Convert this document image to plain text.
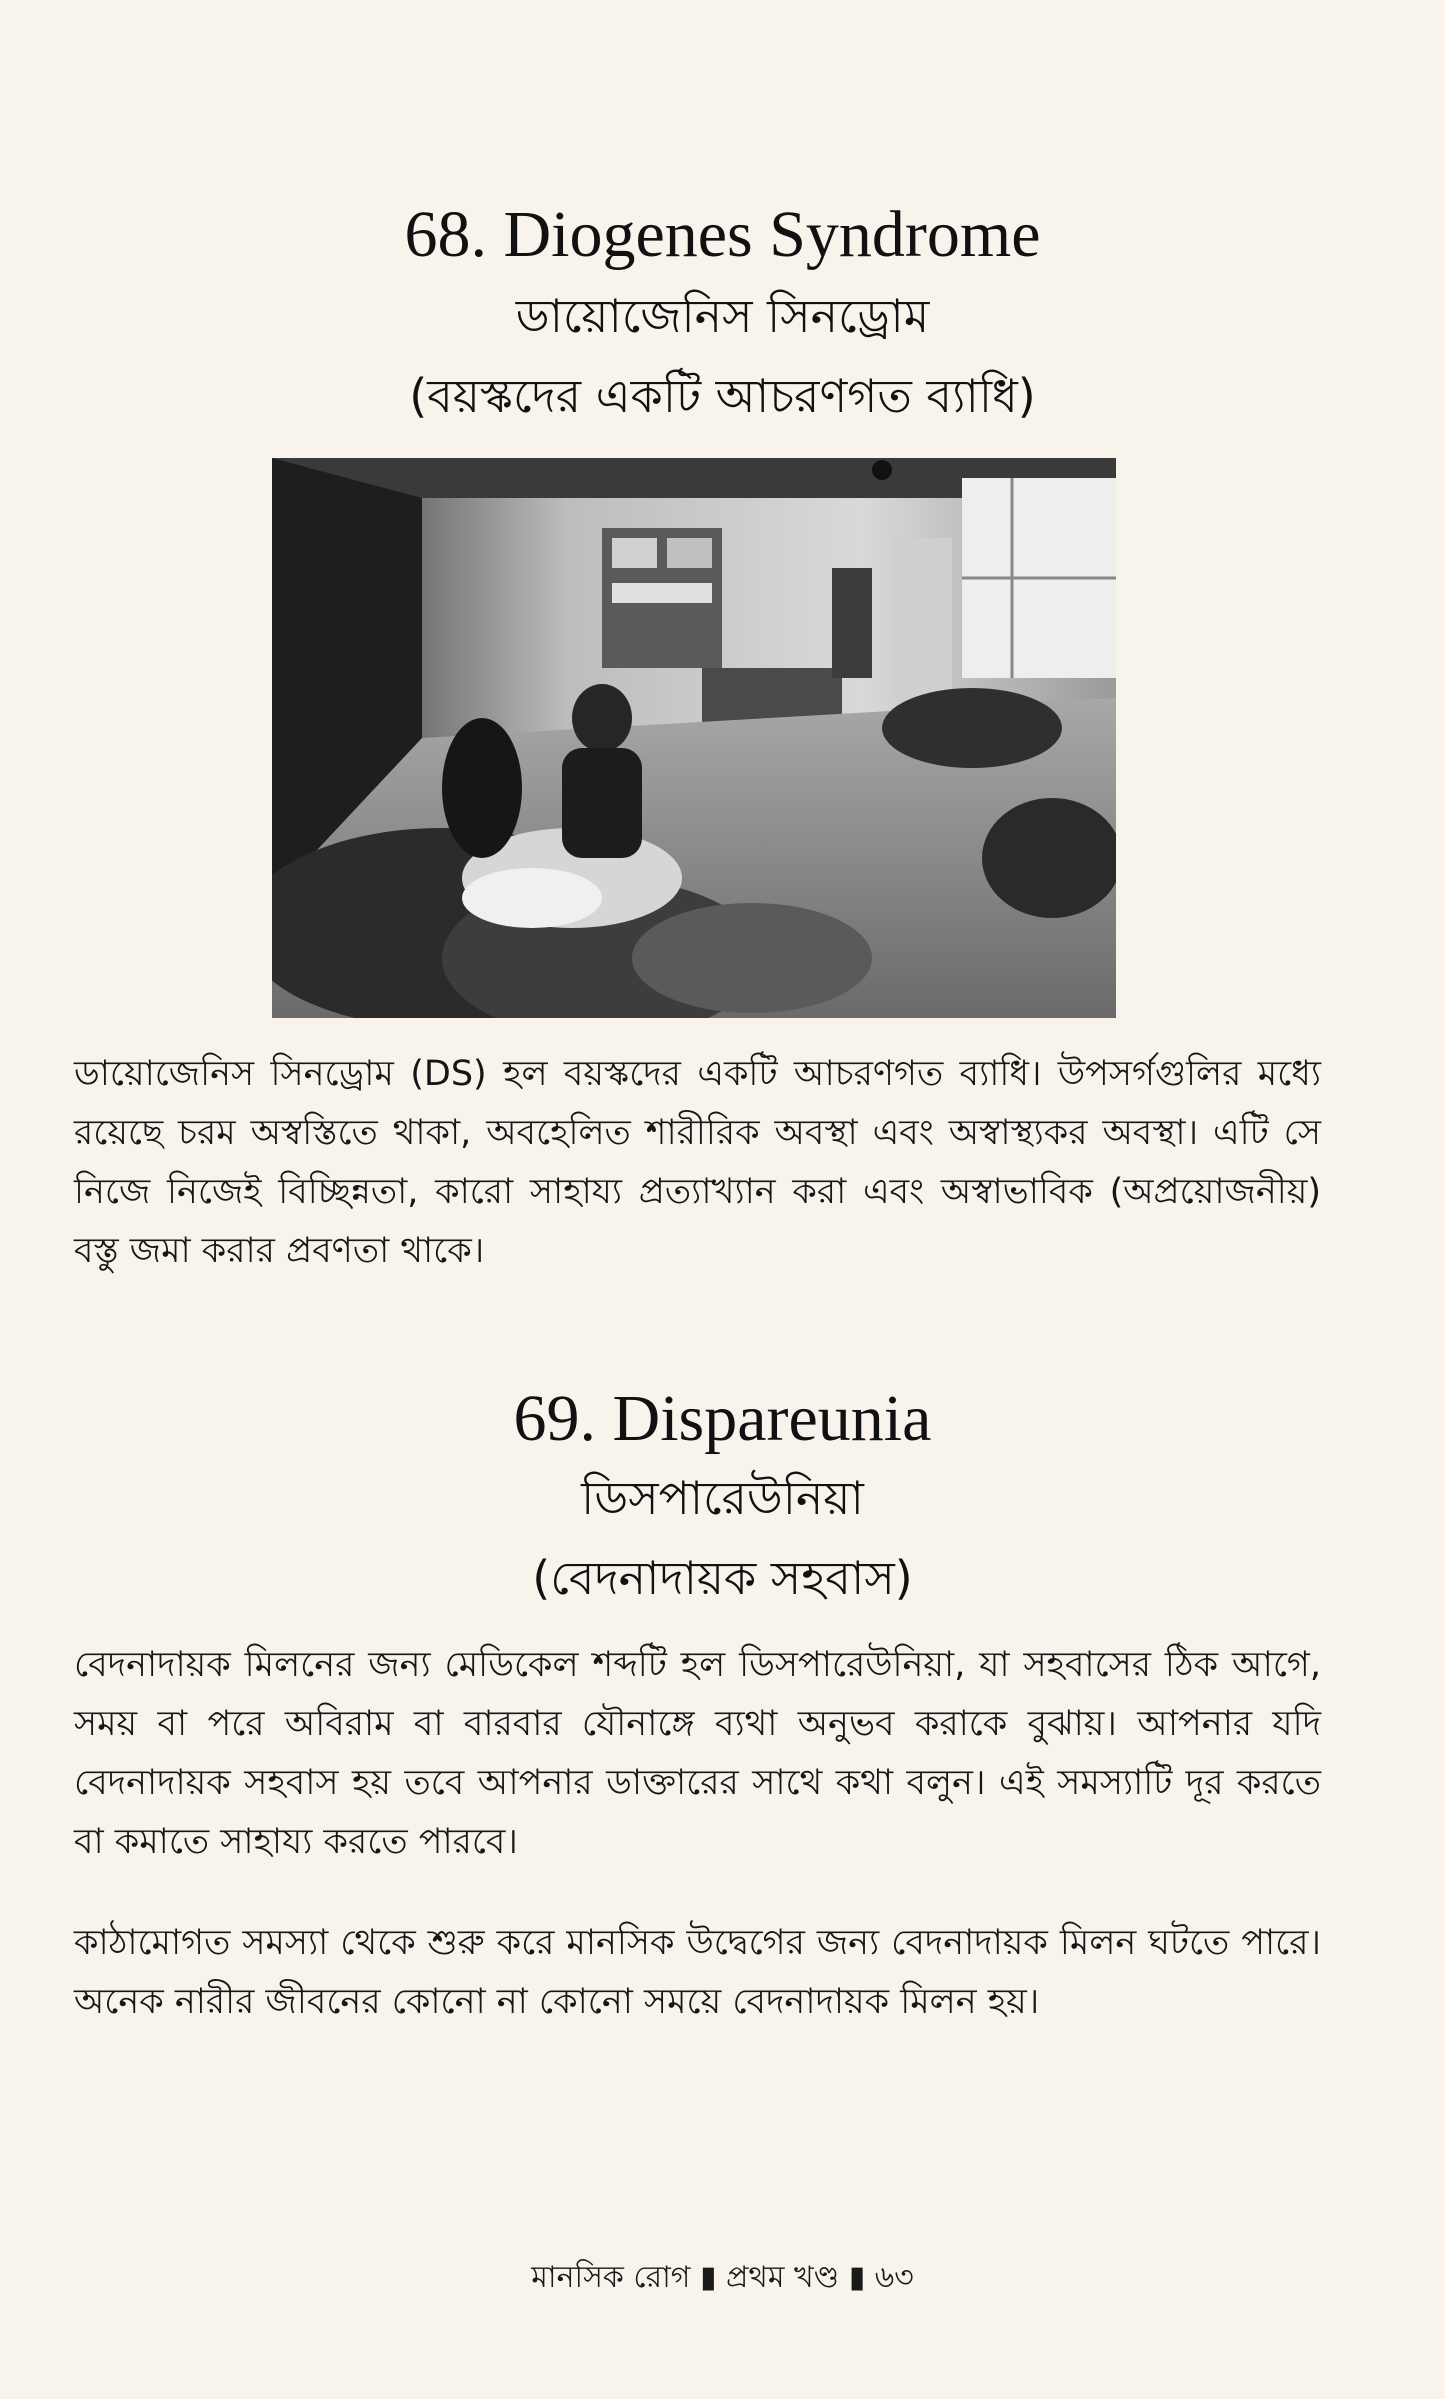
68. Diogenes Syndrome
ডায়োজেনিস সিনড্রোম
(বয়স্কদের একটি আচরণগত ব্যাধি)
ডায়োজেনিস সিনড্রোম (DS) হল বয়স্কদের একটি আচরণগত ব্যাধি। উপসর্গগুলির মধ্যে রয়েছে চরম অস্বস্তিতে থাকা, অবহেলিত শারীরিক অবস্থা এবং অস্বাস্থ্যকর অবস্থা। এটি সে নিজে নিজেই বিচ্ছিন্নতা, কারো সাহায্য প্রত্যাখ্যান করা এবং অস্বাভাবিক (অপ্রয়োজনীয়) বস্তু জমা করার প্রবণতা থাকে।
69. Dispareunia
ডিসপারেউনিয়া
(বেদনাদায়ক সহবাস)
বেদনাদায়ক মিলনের জন্য মেডিকেল শব্দটি হল ডিসপারেউনিয়া, যা সহবাসের ঠিক আগে, সময় বা পরে অবিরাম বা বারবার যৌনাঙ্গে ব্যথা অনুভব করাকে বুঝায়। আপনার যদি বেদনাদায়ক সহবাস হয় তবে আপনার ডাক্তারের সাথে কথা বলুন। এই সমস্যাটি দূর করতে বা কমাতে সাহায্য করতে পারবে।
কাঠামোগত সমস্যা থেকে শুরু করে মানসিক উদ্বেগের জন্য বেদনাদায়ক মিলন ঘটতে পারে। অনেক নারীর জীবনের কোনো না কোনো সময়ে বেদনাদায়ক মিলন হয়।
মানসিক রোগ ▮ প্রথম খণ্ড ▮ ৬৩
